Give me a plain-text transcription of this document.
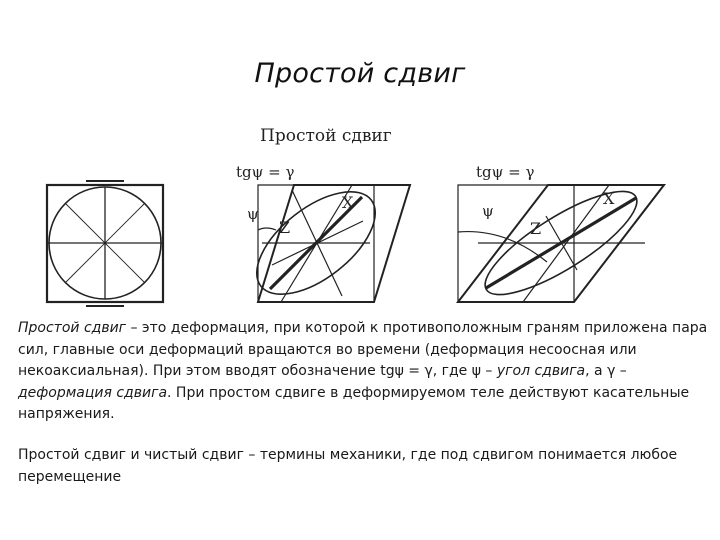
Простой сдвиг
Простой сдвиг
tgψ = γ
ψ
X
Z
tgψ = γ
ψ
X
Z
Простой сдвиг – это деформация, при которой к противоположным граням приложена пара сил, главные оси деформаций вращаются во времени (деформация несоосная или некоаксиальная). При этом вводят обозначение tgψ = γ, где ψ – угол сдвига, а γ – деформация сдвига. При простом сдвиге в деформируемом теле действуют касательные напряжения.
Простой сдвиг и чистый сдвиг – термины механики, где под сдвигом понимается любое перемещение
